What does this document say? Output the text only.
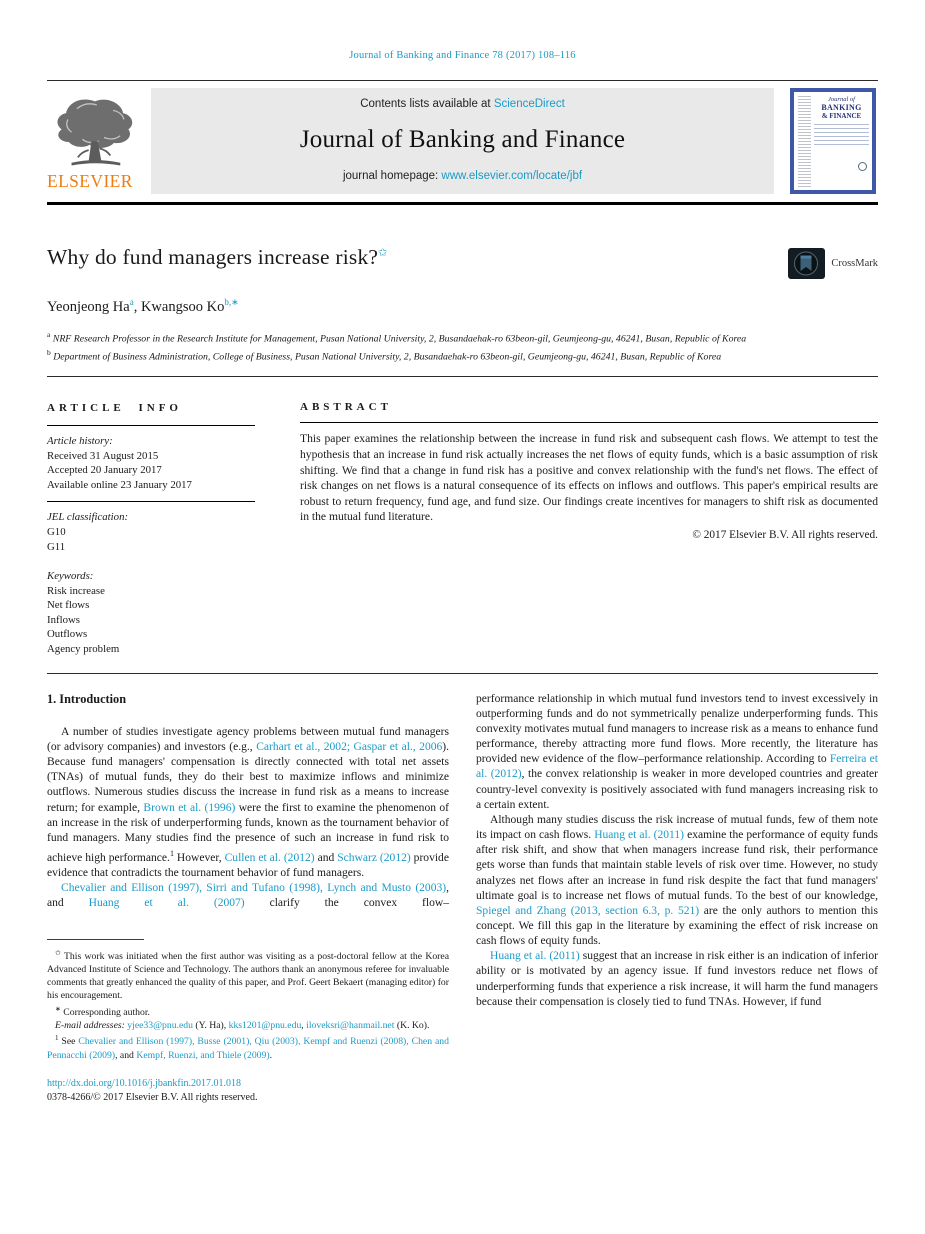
Journal of Banking and Finance 78 (2017) 108–116
ELSEVIER
Contents lists available at ScienceDirect
Journal of Banking and Finance
journal homepage: www.elsevier.com/locate/jbf
Journal of
BANKING
& FINANCE
Why do fund managers increase risk?✩
CrossMark

Yeonjeong Ha$^a$, Kwangsoo $Ko^{b,∗}$

$^a$ NRF Research Professor in the Research Institute for Management, Pusan National University, 2, Busandaehak-ro 63beon-gil, Geumjeong-gu, 46241, Busan, Republic of Korea

$^b$ Department of Business Administration, College of Business, Pusan National University, 2, Busandaehak-ro 63beon-gil, Geumjeong-gu, 46241, Busan, Republic of Korea

ARTICLE INFO
Article history:
Received 31 August 2015
Accepted 20 January 2017
Available online 23 January 2017
JEL classification:
G10
G11
Keywords:
Risk increase
Net flows
Inflows
Outflows
Agency problem
ABSTRACT

This paper examines the relationship between the increase in fund risk and subsequent cash flows. We attempt to test the hypothesis that an increase in fund risk actually increases the net flows of equity funds, which is a basic assumption of risk shifting. We find that a change in fund risk has a positive and convex relationship with the fund's net flows. The effect of risk changes on net flows is a natural consequence of its effects on inflows and outflows. This paper's empirical results are robust to return frequency, fund age, and fund size. Our findings create incentives for managers to shift risk as documented in the mutual fund literature.

© 2017 Elsevier B.V. All rights reserved.
1. Introduction

A number of studies investigate agency problems between mutual fund managers (or advisory companies) and investors (e.g., Carhart et al., 2002; Gaspar et al., 2006). Because fund managers' compensation is directly connected with total net assets (TNAs) of mutual funds, they do their best to maximize inflows and minimize outflows. Numerous studies discuss the increase in fund risk as a means to increase return; for example, Brown et al. (1996) were the first to examine the phenomenon of an increase in the risk of underperforming funds, known as the tournament behavior of fund managers. Many studies find the presence of such an increase in fund risk to achieve high performance.$^1$ However, Cullen et al. (2012) and Schwarz (2012) provide evidence that contradicts the tournament behavior of fund managers.

Chevalier and Ellison (1997), Sirri and Tufano (1998), Lynch and Musto (2003), and Huang et al. (2007) clarify the convex flow–

✩ This work was initiated when the first author was visiting as a post-doctoral fellow at the Korea Advanced Institute of Science and Technology. The authors thank an anonymous referee for invaluable comments that greatly enhanced the quality of this paper, and Prof. Geert Bekaert (managing editor) for his encouragement.

∗ Corresponding author.

E-mail addresses: yjee33@pnu.edu (Y. Ha), kks1201@pnu.edu, iloveksri@hanmail.net (K. Ko).

$^1$ See Chevalier and Ellison (1997), Busse (2001), Qiu (2003), Kempf and Ruenzi (2008), Chen and Pennacchi (2009), and Kempf, Ruenzi, and Thiele (2009).

http://dx.doi.org/10.1016/j.jbankfin.2017.01.018
0378-4266/© 2017 Elsevier B.V. All rights reserved.

performance relationship in which mutual fund investors tend to invest excessively in outperforming funds and do not symmetrically penalize underperforming funds. This convexity motivates mutual fund managers to increase risk as a means to enhance fund performance, thereby attracting more fund flows. More recently, the literature has provided new evidence of the flow–performance relationship. According to Ferreira et al. (2012), the convex relationship is weaker in more developed countries and greater country-level convexity is positively associated with fund managers increasing risk to a certain extent.

Although many studies discuss the risk increase of mutual funds, few of them note its impact on cash flows. Huang et al. (2011) examine the performance of equity funds after risk shift, and show that when managers increase fund risk, their performance gets worse than funds that maintain stable levels of risk over time. However, no study analyzes net flows after an increase in fund risk despite the fact that fund managers' ultimate goal is to increase net flows of mutual funds. To the best of our knowledge, Spiegel and Zhang (2013, section 6.3, p. 521) are the only authors to mention this concept. We fill this gap in the literature by examining the effect of risk increase on cash flows of equity funds.

Huang et al. (2011) suggest that an increase in risk either is an indication of inferior ability or is motivated by an agency issue. If fund investors reduce net flows of underperforming funds that experience a risk increase, it will harm the fund managers because their compensation is closely tied to fund TNAs. However, if fund
